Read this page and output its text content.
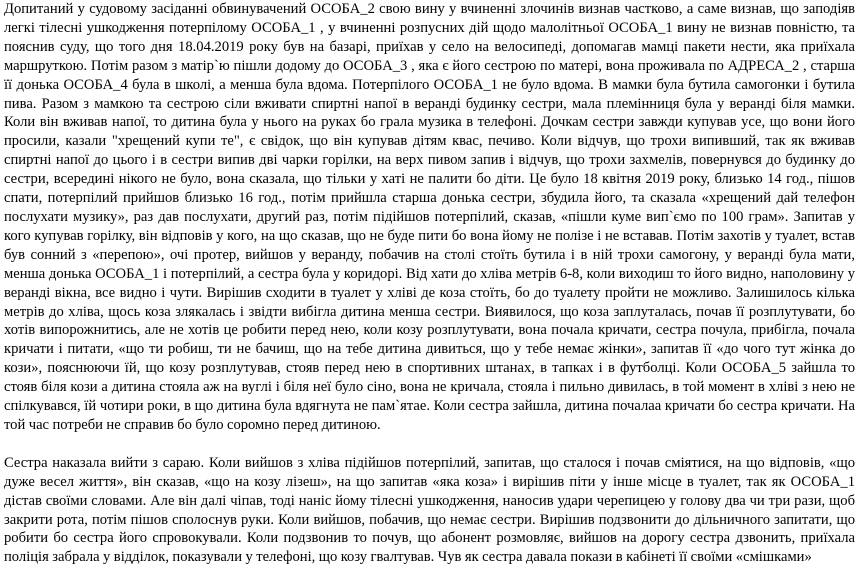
Допитаний у судовому засіданні обвинувачений ОСОБА_2 свою вину у вчиненні злочинів визнав частково, а саме визнав, що заподіяв легкі тілесні ушкодження потерпілому ОСОБА_1 , у вчиненні розпусних дій щодо малолітньої ОСОБА_1 вину не визнав повністю, та пояснив суду, що того дня 18.04.2019 року був на базарі, приїхав у село на велосипеді, допомагав мамці пакети нести, яка приїхала маршруткою. Потім разом з матір`ю пішли додому до ОСОБА_3 , яка є його сестрою по матері, вона проживала по АДРЕСА_2 , старша її донька ОСОБА_4 була в школі, а менша була вдома. Потерпілого ОСОБА_1 не було вдома. В мамки була бутила самогонки і бутила пива. Разом з мамкою та сестрою сіли вживати спиртні напої в веранді будинку сестри, мала племінниця була у веранді біля мамки. Коли він вживав напої, то дитина була у нього на руках бо грала музика в телефоні. Дочкам сестри завжди купував усе, що вони його просили, казали "хрещений купи те", є свідок, що він купував дітям квас, печиво. Коли відчув, що трохи випивший, так як вживав спиртні напої до цього і в сестри випив дві чарки горілки, на верх пивом запив і відчув, що трохи захмелів, повернувся до будинку до сестри, всередині нікого не було, вона сказала, що тільки у хаті не палити бо діти. Це було 18 квітня 2019 року, близько 14 год., пішов спати, потерпілий прийшов близько 16 год., потім прийшла старша донька сестри, збудила його, та сказала «хрещений дай телефон послухати музику», раз дав послухати, другий раз, потім підійшов потерпілий, сказав, «пішли куме вип`ємо по 100 грам». Запитав у кого купував горілку, він відповів у кого, на що сказав, що не буде пити бо вона йому не полізе і не вставав. Потім захотів у туалет, встав був сонний з «перепою», очі протер, вийшов у веранду, побачив на столі стоїть бутила і в ній трохи самогону, у веранді була мати, менша донька ОСОБА_1 і потерпілий, а сестра була у коридорі. Від хати до хліва метрів 6-8, коли виходиш то його видно, наполовину у веранді вікна, все видно і чути. Вирішив сходити в туалет у хліві де коза стоїть, бо до туалету пройти не можливо. Залишилось кілька метрів до хліва, щось коза злякалась і звідти вибігла дитина менша сестри. Виявилося, що коза заплуталась, почав її розплутувати, бо хотів випорожнитись, але не хотів це робити перед нею, коли козу розплутувати, вона почала кричати, сестра почула, прибігла, почала кричати і питати, «що ти робиш, ти не бачиш, що на тебе дитина дивиться, що у тебе немає жінки», запитав її «до чого тут жінка до кози», пояснюючи їй, що козу розплутував, стояв перед нею в спортивних штанах, в тапках і в футболці. Коли ОСОБА_5 зайшла то стояв біля кози а дитина стояла аж на вуглі і біля неї було сіно, вона не кричала, стояла і пильно дивилась, в той момент в хліві з нею не спілкувався, їй чотири роки, в що дитина була вдягнута не пам`ятае. Коли сестра зайшла, дитина почалаа кричати бо сестра кричати. На той час потреби не справив бо було соромно перед дитиною.

Сестра наказала вийти з сараю. Коли вийшов з хліва підійшов потерпілий, запитав, що сталося і почав сміятися, на що відповів, «що дуже весел життя», він сказав, «що на козу лізеш», на що запитав «яка коза» і вирішив піти у інше місце в туалет, так як ОСОБА_1 дістав своїми словами. Але він далі чіпав, тоді наніс йому тілесні ушкодження, наносив удари черепицею у голову два чи три рази, щоб закрити рота, потім пішов сполоснув руки. Коли вийшов, побачив, що немає сестри. Вирішив подзвонити до дільничного запитати, що робити бо сестра його спровокували. Коли подзвонив то почув, що абонент розмовляє, вийшов на дорогу сестра дзвонить, приїхала поліція забрала у відділок, показували у телефоні, що козу гвалтував. Чув як сестра давала покази в кабінеті її своїми «смішками»
